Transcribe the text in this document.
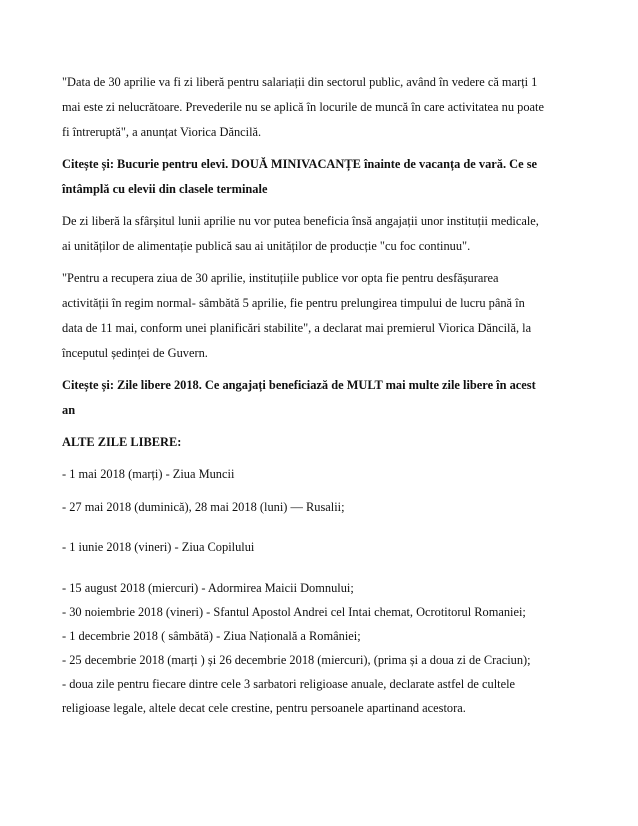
"Data de 30 aprilie va fi zi liberă pentru salariații din sectorul public, având în vedere că marți 1
mai este zi nelucrătoare. Prevederile nu se aplică în locurile de muncă în care activitatea nu poate
fi întreruptă", a anunțat Viorica Dăncilă.
Citește și: Bucurie pentru elevi. DOUĂ MINIVACANȚE înainte de vacanța de vară. Ce se
întâmplă cu elevii din clasele terminale
De zi liberă la sfârșitul lunii aprilie nu vor putea beneficia însă angajații unor instituții medicale,
ai unităților de alimentație publică sau ai unităților de producție "cu foc continuu".
"Pentru a recupera ziua de 30 aprilie, instituțiile publice vor opta fie pentru desfășurarea
activității în regim normal- sâmbătă 5 aprilie, fie pentru prelungirea timpului de lucru până în
data de 11 mai, conform unei planificări stabilite", a declarat mai premierul Viorica Dăncilă, la
începutul ședinței de Guvern.
Citește și: Zile libere 2018. Ce angajați beneficiază de MULT mai multe zile libere în acest
an
ALTE ZILE LIBERE:
- 1 mai 2018 (marți) - Ziua Muncii
- 27 mai 2018 (duminică), 28 mai 2018 (luni) — Rusalii;
- 1 iunie 2018 (vineri) - Ziua Copilului
- 15 august 2018 (miercuri) - Adormirea Maicii Domnului;
- 30 noiembrie 2018 (vineri) - Sfantul Apostol Andrei cel Intai chemat, Ocrotitorul Romaniei;
- 1 decembrie 2018 ( sâmbătă) - Ziua Națională a României;
- 25 decembrie 2018 (marți ) și 26 decembrie 2018 (miercuri), (prima și a doua zi de Craciun);
- doua zile pentru fiecare dintre cele 3 sarbatori religioase anuale, declarate astfel de cultele
religioase legale, altele decat cele crestine, pentru persoanele apartinand acestora.
